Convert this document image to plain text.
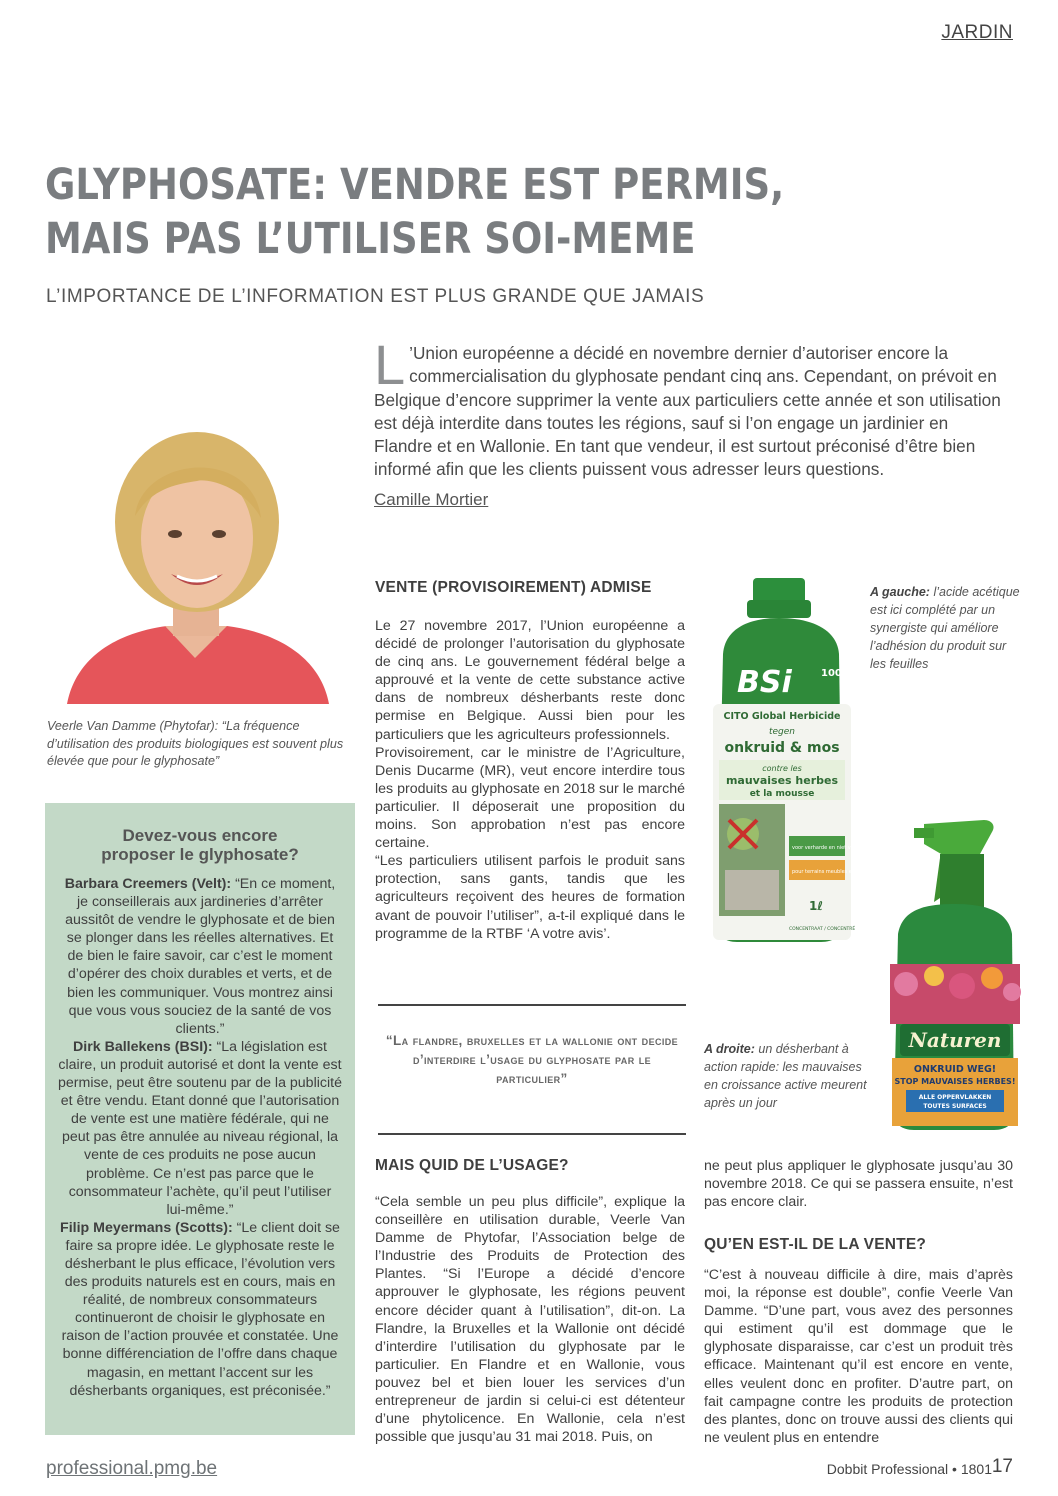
JARDIN
GLYPHOSATE: VENDRE EST PERMIS,
MAIS PAS L’UTILISER SOI-MEME
L’IMPORTANCE DE L’INFORMATION EST PLUS GRANDE QUE JAMAIS

L ’Union européenne a décidé en novembre dernier d’autoriser encore la commercialisation du glyphosate pendant cinq ans. Cependant, on prévoit en Belgique d’encore supprimer la vente aux particuliers cette année et son utilisation est déjà interdite dans toutes les régions, sauf si l’on engage un jardinier en Flandre et en Wallonie. En tant que vendeur, il est surtout préconisé d’être bien informé afin que les clients puissent vous adresser leurs questions.

Camille Mortier

Veerle Van Damme (Phytofar): “La fréquence d’utilisation des produits biologiques est souvent plus élevée que pour le glyphosate”

Devez-vous encore
proposer le glyphosate?

Barbara Creemers (Velt): “En ce moment, je conseillerais aux jardineries d’arrêter aussitôt de vendre le glyphosate et de bien se plonger dans les réelles alternatives. Et de bien le faire savoir, car c’est le moment d’opérer des choix durables et verts, et de bien les communiquer. Vous montrez ainsi que vous vous souciez de la santé de vos clients.”
Dirk Ballekens (BSI): “La législation est claire, un produit autorisé et dont la vente est permise, peut être soutenu par de la publicité et être vendu. Etant donné que l’autorisation de vente est une matière fédérale, qui ne peut pas être annulée au niveau régional, la vente de ces produits ne pose aucun problème. Ce n’est pas parce que le consommateur l’achète, qu’il peut l’utiliser lui-même.”
Filip Meyermans (Scotts): “Le client doit se faire sa propre idée. Le glyphosate reste le désherbant le plus efficace, l’évolution vers des produits naturels est en cours, mais en réalité, de nombreux consommateurs continueront de choisir le glyphosate en raison de l’action prouvée et constatée. Une bonne différenciation de l’offre dans chaque magasin, en mettant l’accent sur les désherbants organiques, est préconisée.”

VENTE (PROVISOIREMENT) ADMISE

Le 27 novembre 2017, l’Union européenne a décidé de prolonger l’autorisation du glyphosate de cinq ans. Le gouvernement fédéral belge a approuvé et la vente de cette substance active dans de nombreux désherbants reste donc permise en Belgique. Aussi bien pour les particuliers que les agriculteurs professionnels.

Provisoirement, car le ministre de l’Agriculture, Denis Ducarme (MR), veut encore interdire tous les produits au glyphosate en 2018 sur le marché particulier. Il déposerait une proposition du moins. Son approbation n’est pas encore certaine.

“Les particuliers utilisent parfois le produit sans protection, sans gants, tandis que les agriculteurs reçoivent des heures de formation avant de pouvoir l’utiliser”, a-t-il expliqué dans le programme de la RTBF ‘A votre avis’.

“La flandre, bruxelles et la wallonie ont decide d’interdire l’usage du glyphosate par le particulier”
MAIS QUID DE L’USAGE?

“Cela semble un peu plus difficile”, explique la conseillère en utilisation durable, Veerle Van Damme de Phytofar, l’Association belge de l’Industrie des Produits de Protection des Plantes. “Si l’Europe a décidé d’encore approuver le glyphosate, les régions peuvent encore décider quant à l’utilisation”, dit-on. La Flandre, la Bruxelles et la Wallonie ont décidé d’interdire l’utilisation du glyphosate par le particulier. En Flandre et en Wallonie, vous pouvez bel et bien louer les services d’un entrepreneur de jardin si celui-ci est détenteur d’une phytolicence. En Wallonie, cela n’est possible que jusqu’au 31 mai 2018. Puis, on

ne peut plus appliquer le glyphosate jusqu’au 30 novembre 2018. Ce qui se passera ensuite, n’est pas encore clair.

QU’EN EST-IL DE LA VENTE?

“C’est à nouveau difficile à dire, mais d’après moi, la réponse est double”, confie Veerle Van Damme. “D’une part, vous avez des personnes qui estiment qu’il est dommage que le glyphosate disparaisse, car c’est un produit très efficace. Maintenant qu’il est encore en vente, elles veulent donc en profiter. D’autre part, on fait campagne contre les produits de protection des plantes, donc on trouve aussi des clients qui ne veulent plus en entendre

A gauche: l’acide acétique est ici complété par un synergiste qui améliore l’adhésion du produit sur les feuilles

A droite: un désherbant à action rapide: les mauvaises en croissance active meurent après un jour

BSi	100
CITO Global Herbicide
tegen
onkruid & mos
contre les
mauvaises herbes
et la mousse
voor verharde en niet verharde terreinen
pour terrains meubles et revêtus
1ℓ
CONCENTRAAT / CONCENTRÉ
Naturen
ONKRUID WEG!
STOP MAUVAISES HERBES!
ALLE OPPERVLAKKEN
TOUTES SURFACES
professional.pmg.be	Dobbit Professional • 1801 17
